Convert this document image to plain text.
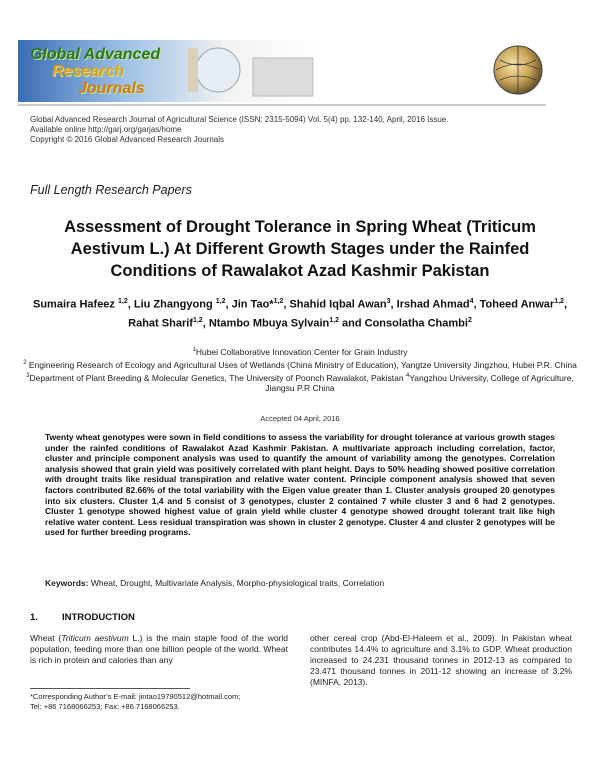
Global Advanced
Research
Journals
Global Advanced Research Journal of Agricultural Science (ISSN: 2315-5094) Vol. 5(4) pp. 132-140, April, 2016 Issue.
Available online http://garj.org/garjas/home
Copyright © 2016 Global Advanced Research Journals
Full Length Research Papers
Assessment of Drought Tolerance in Spring Wheat (Triticum
Aestivum L.) At Different Growth Stages under the Rainfed
Conditions of Rawalakot Azad Kashmir Pakistan
Sumaira Hafeez $^{1,2}$, Liu Zhangyong $^{1,2}$, Jin Tao*$^{1,2}$, Shahid Iqbal Awan$^3$, Irshad Ahmad$^4$, Toheed Anwar$^{1,2}$, Rahat Sharif$^{1,2}$, Ntambo Mbuya Sylvain$^{1,2}$ and Consolatha Chambi$^2$
$^1$Hubei Collaborative Innovation Center for Grain Industry
$^2$ Engineering Research of Ecology and Agricultural Uses of Wetlands (China Ministry of Education), Yangtze University Jingzhou, Hubei P.R. China
$^3$Department of Plant Breeding & Molecular Genetics, The University of Poonch Rawalakot, Pakistan $^4$Yangzhou University, College of Agriculture, Jiangsu P.R China
Accepted 04 April, 2016
Twenty wheat genotypes were sown in field conditions to assess the variability for drought tolerance at various growth stages under the rainfed conditions of Rawalakot Azad Kashmir Pakistan. A multivariate approach including correlation, factor, cluster and principle component analysis was used to quantify the amount of variability among the genotypes. Correlation analysis showed that grain yield was positively correlated with plant height. Days to 50% heading showed positive correlation with drought traits like residual transpiration and relative water content. Principle component analysis showed that seven factors contributed 82.66% of the total variability with the Eigen value greater than 1. Cluster analysis grouped 20 genotypes into six clusters. Cluster 1,4 and 5 consist of 3 genotypes, cluster 2 contained 7 while cluster 3 and 6 had 2 genotypes. Cluster 1 genotype showed highest value of grain yield while cluster 4 genotype showed drought tolerant trait like high relative water content. Less residual transpiration was shown in cluster 2 genotype. Cluster 4 and cluster 2 genotypes will be used for further breeding programs.
Keywords: Wheat, Drought, Multivariate Analysis, Morpho-physiological traits, Correlation
1.	INTRODUCTION
Wheat (Triticum aestivum L.) is the main staple food of the world population, feeding more than one billion people of the world. Wheat is rich in protein and calories than any
other cereal crop (Abd-El-Haleem et al., 2009). In Pakistan wheat contributes 14.4% to agriculture and 3.1% to GDP. Wheat production increased to 24.231 thousand tonnes in 2012-13 as compared to 23.471 thousand tonnes in 2011-12 showing an increase of 3.2% (MINFA, 2013).
*Corresponding Author’s E-mail: jintao19790512@hotmail.com;
Tel: +86 7168066253; Fax: +86 7168066253.
